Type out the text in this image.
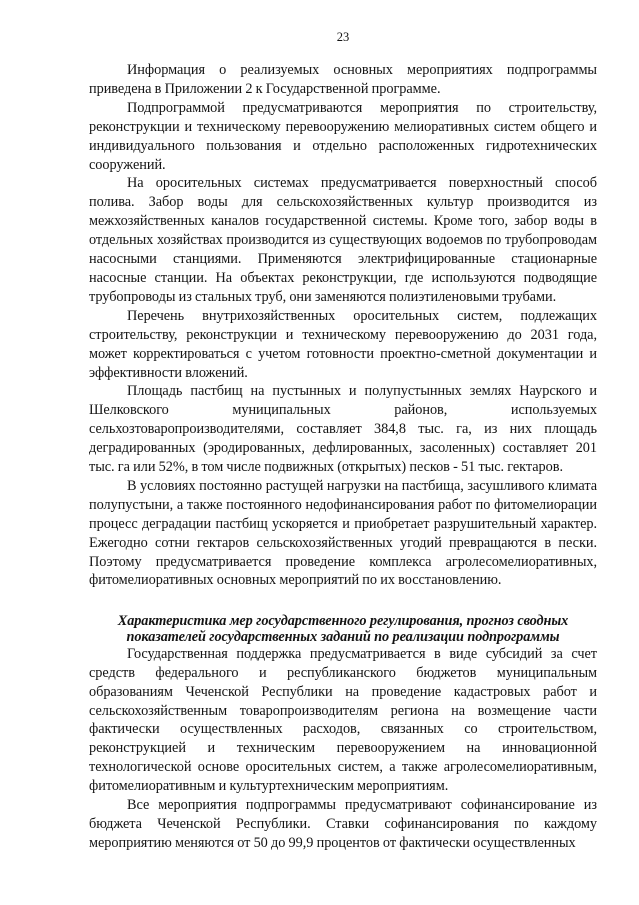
23

Информация о реализуемых основных мероприятиях подпрограммы приведена в Приложении 2 к Государственной программе.

Подпрограммой предусматриваются мероприятия по строительству, реконструкции и техническому перевооружению мелиоративных систем общего и индивидуального пользования и отдельно расположенных гидротехнических сооружений.

На оросительных системах предусматривается поверхностный способ полива. Забор воды для сельскохозяйственных культур производится из межхозяйственных каналов государственной системы. Кроме того, забор воды в отдельных хозяйствах производится из существующих водоемов по трубопроводам насосными станциями. Применяются электрифицированные стационарные насосные станции. На объектах реконструкции, где используются подводящие трубопроводы из стальных труб, они заменяются полиэтиленовыми трубами.

Перечень внутрихозяйственных оросительных систем, подлежащих строительству, реконструкции и техническому перевооружению до 2031 года, может корректироваться с учетом готовности проектно-сметной документации и эффективности вложений.

Площадь пастбищ на пустынных и полупустынных землях Наурского и Шелковского муниципальных районов, используемых сельхозтоваропроизводителями, составляет 384,8 тыс. га, из них площадь деградированных (эродированных, дефлированных, засоленных) составляет 201 тыс. га или 52%, в том числе подвижных (открытых) песков - 51 тыс. гектаров.

В условиях постоянно растущей нагрузки на пастбища, засушливого климата полупустыни, а также постоянного недофинансирования работ по фитомелиорации процесс деградации пастбищ ускоряется и приобретает разрушительный характер. Ежегодно сотни гектаров сельскохозяйственных угодий превращаются в пески. Поэтому предусматривается проведение комплекса агролесомелиоративных, фитомелиоративных основных мероприятий по их восстановлению.

Характеристика мер государственного регулирования, прогноз сводных
показателей государственных заданий по реализации подпрограммы

Государственная поддержка предусматривается в виде субсидий за счет средств федерального и республиканского бюджетов муниципальным образованиям Чеченской Республики на проведение кадастровых работ и сельскохозяйственным товаропроизводителям региона на возмещение части фактически осуществленных расходов, связанных со строительством, реконструкцией и техническим перевооружением на инновационной технологической основе оросительных систем, а также агролесомелиоративным, фитомелиоративным и культуртехническим мероприятиям.

Все мероприятия подпрограммы предусматривают софинансирование из бюджета Чеченской Республики. Ставки софинансирования по каждому мероприятию меняются от 50 до 99,9 процентов от фактически осуществленных
